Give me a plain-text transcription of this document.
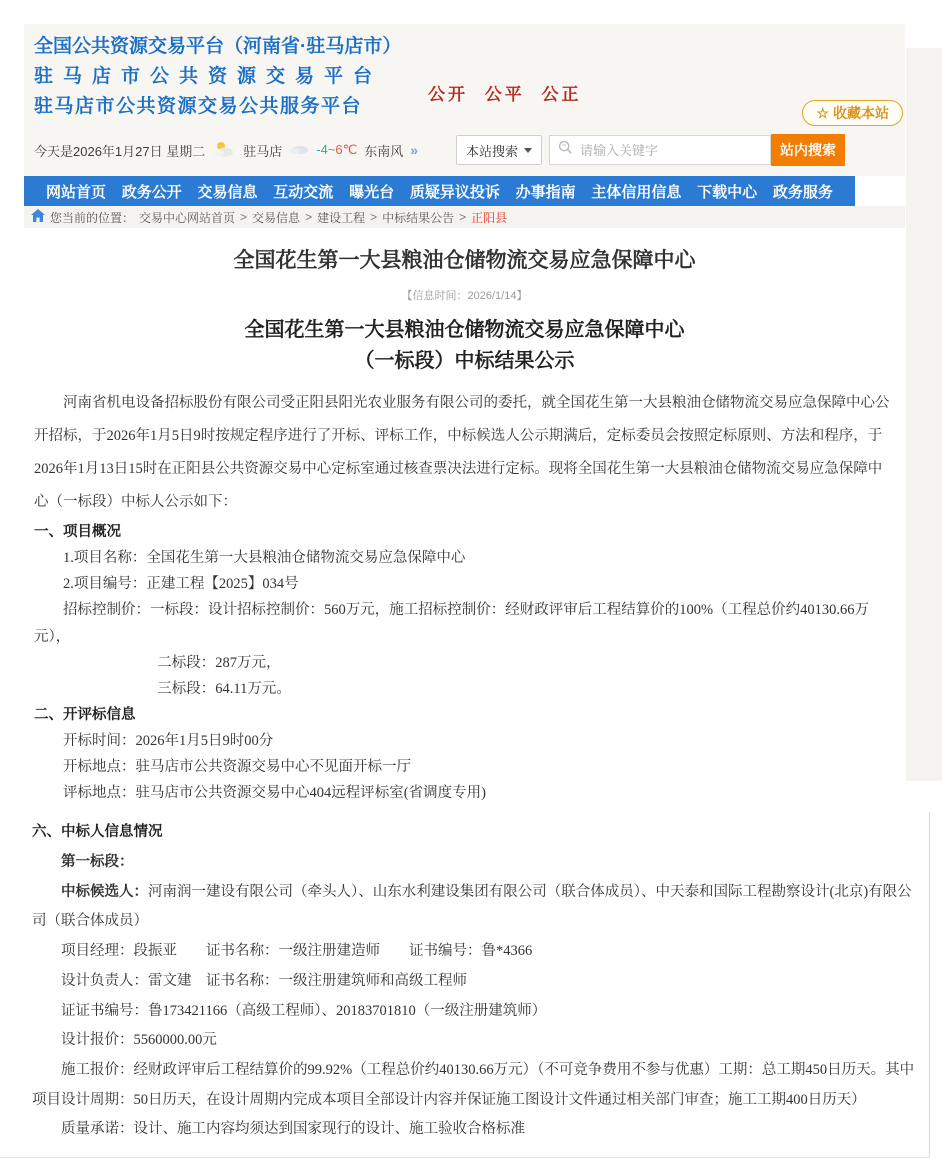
全国公共资源交易平台（河南省·驻马店市）

驻马店市公共资源交易平台

驻马店市公共资源交易公共服务平台

公开 公平 公正
☆ 收藏本站
今天是2026年1月27日 星期二	驻马店	-4~6℃ 东南风 »	本站搜索
请输入关键字	站内搜索
网站首页 政务公开 交易信息 互动交流 曝光台 质疑异议投诉 办事指南 主体信用信息 下载中心 政务服务
您当前的位置： 交易中心网站首页 > 交易信息 > 建设工程 > 中标结果公告 > 正阳县
全国花生第一大县粮油仓储物流交易应急保障中心
【信息时间：2026/1/14】
全国花生第一大县粮油仓储物流交易应急保障中心
（一标段）中标结果公示

河南省机电设备招标股份有限公司受正阳县阳光农业服务有限公司的委托，就全国花生第一大县粮油仓储物流交易应急保障中心公开招标，于2026年1月5日9时按规定程序进行了开标、评标工作，中标候选人公示期满后，定标委员会按照定标原则、方法和程序，于2026年1月13日15时在正阳县公共资源交易中心定标室通过核查票决法进行定标。现将全国花生第一大县粮油仓储物流交易应急保障中心（一标段）中标人公示如下：

一、项目概况

1.项目名称：全国花生第一大县粮油仓储物流交易应急保障中心

2.项目编号：正建工程【2025】034号

招标控制价：一标段：设计招标控制价：560万元，施工招标控制价：经财政评审后工程结算价的100%（工程总价约40130.66万元），

二标段：287万元，

三标段：64.11万元。

二、开评标信息

开标时间：2026年1月5日9时00分

开标地点：驻马店市公共资源交易中心不见面开标一厅

评标地点：驻马店市公共资源交易中心404远程评标室(省调度专用)

六、中标人信息情况

第一标段：

中标候选人：河南润一建设有限公司（牵头人）、山东水利建设集团有限公司（联合体成员）、中天泰和国际工程勘察设计(北京)有限公司（联合体成员）

项目经理：段振亚　　证书名称：一级注册建造师　　证书编号：鲁*4366

设计负责人：雷文建　证书名称：一级注册建筑师和高级工程师

证证书编号：鲁173421166（高级工程师）、20183701810（一级注册建筑师）

设计报价：5560000.00元

施工报价：经财政评审后工程结算价的99.92%（工程总价约40130.66万元）（不可竞争费用不参与优惠）工期：总工期450日历天。其中项目设计周期：50日历天，在设计周期内完成本项目全部设计内容并保证施工图设计文件通过相关部门审查；施工工期400日历天）

质量承诺：设计、施工内容均须达到国家现行的设计、施工验收合格标准
